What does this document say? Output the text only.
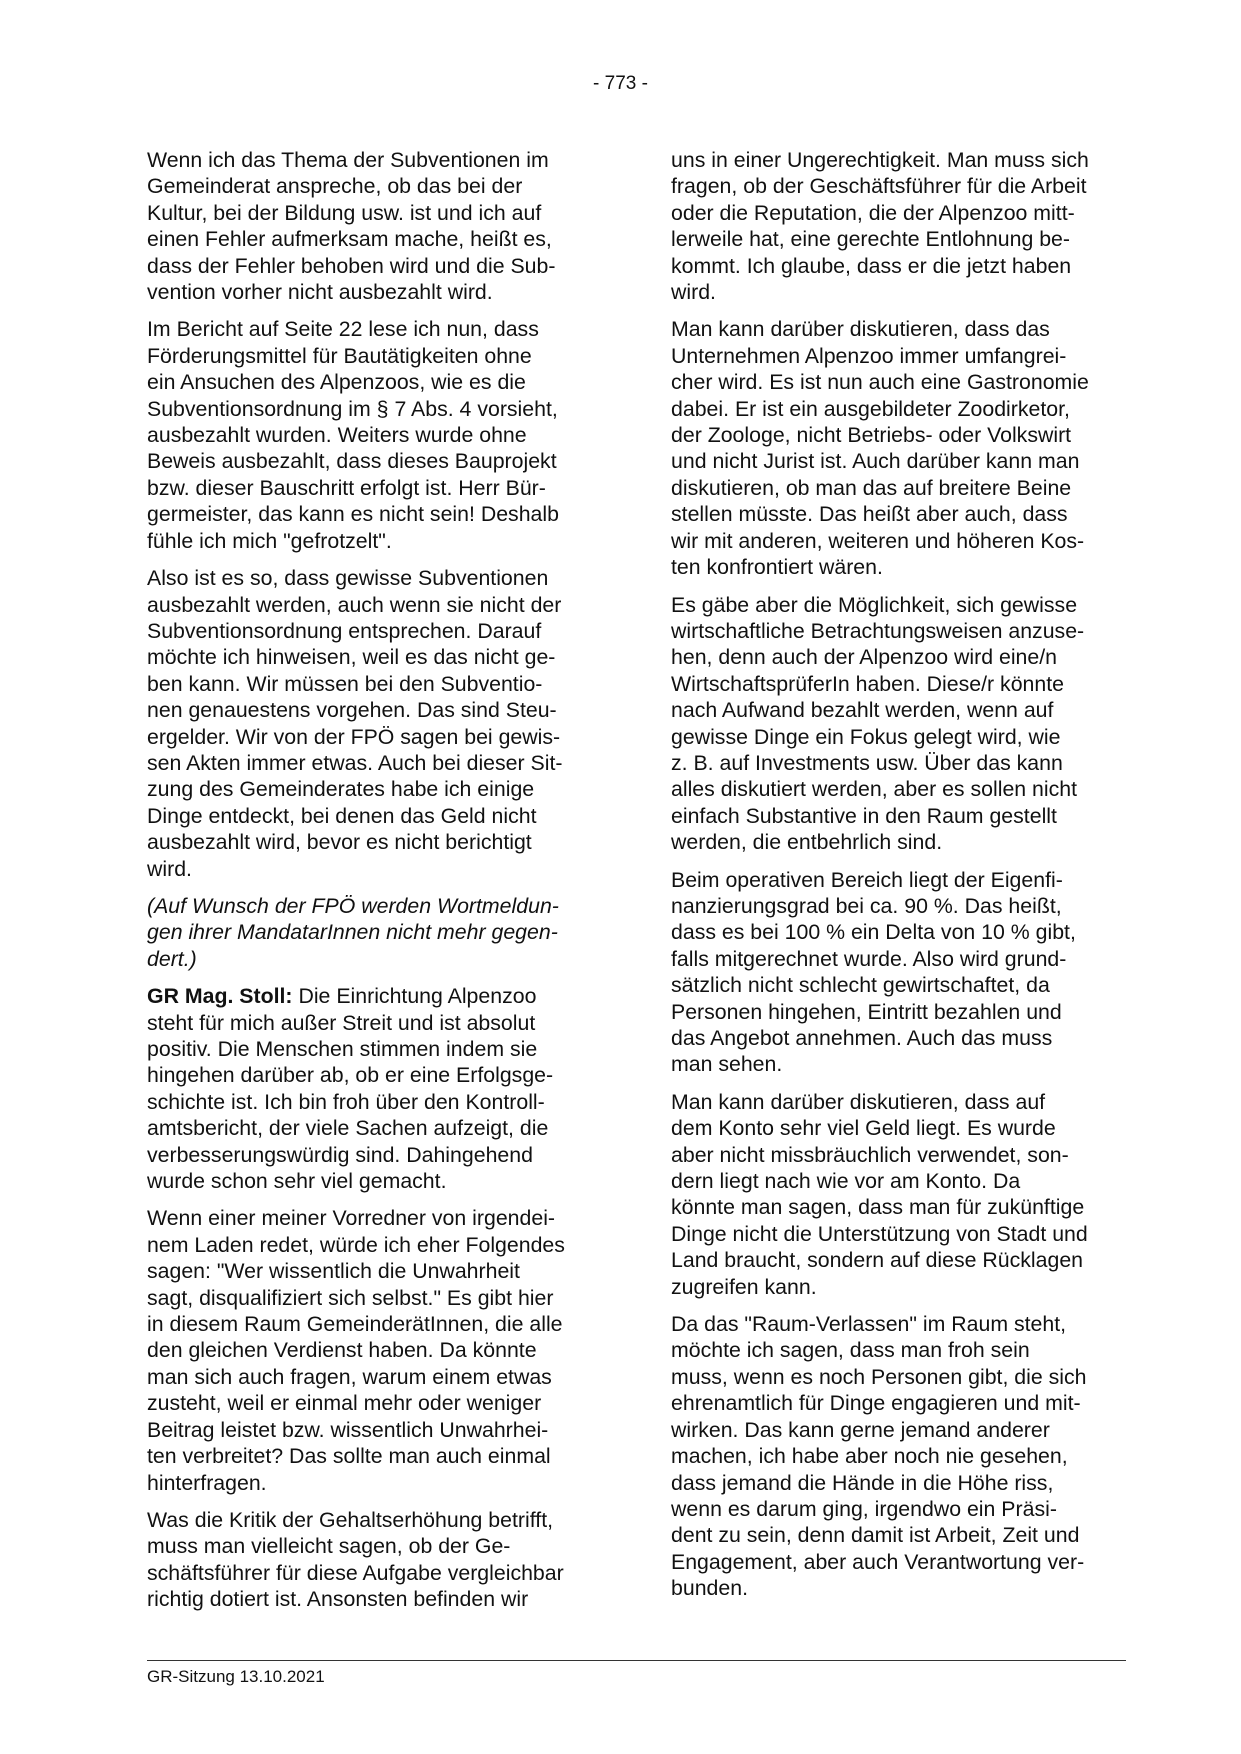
- 773 -

Wenn ich das Thema der Subventionen im
Gemeinderat anspreche, ob das bei der
Kultur, bei der Bildung usw. ist und ich auf
einen Fehler aufmerksam mache, heißt es,
dass der Fehler behoben wird und die Sub-
vention vorher nicht ausbezahlt wird.

Im Bericht auf Seite 22 lese ich nun, dass
Förderungsmittel für Bautätigkeiten ohne
ein Ansuchen des Alpenzoos, wie es die
Subventionsordnung im § 7 Abs. 4 vorsieht,
ausbezahlt wurden. Weiters wurde ohne
Beweis ausbezahlt, dass dieses Bauprojekt
bzw. dieser Bauschritt erfolgt ist. Herr Bür-
germeister, das kann es nicht sein! Deshalb
fühle ich mich "gefrotzelt".

Also ist es so, dass gewisse Subventionen
ausbezahlt werden, auch wenn sie nicht der
Subventionsordnung entsprechen. Darauf
möchte ich hinweisen, weil es das nicht ge-
ben kann. Wir müssen bei den Subventio-
nen genauestens vorgehen. Das sind Steu-
ergelder. Wir von der FPÖ sagen bei gewis-
sen Akten immer etwas. Auch bei dieser Sit-
zung des Gemeinderates habe ich einige
Dinge entdeckt, bei denen das Geld nicht
ausbezahlt wird, bevor es nicht berichtigt
wird.

(Auf Wunsch der FPÖ werden Wortmeldun-
gen ihrer MandatarInnen nicht mehr gegen-
dert.)

GR Mag. Stoll: Die Einrichtung Alpenzoo
steht für mich außer Streit und ist absolut
positiv. Die Menschen stimmen indem sie
hingehen darüber ab, ob er eine Erfolgsge-
schichte ist. Ich bin froh über den Kontroll-
amtsbericht, der viele Sachen aufzeigt, die
verbesserungswürdig sind. Dahingehend
wurde schon sehr viel gemacht.

Wenn einer meiner Vorredner von irgendei-
nem Laden redet, würde ich eher Folgendes
sagen: "Wer wissentlich die Unwahrheit
sagt, disqualifiziert sich selbst." Es gibt hier
in diesem Raum GemeinderätInnen, die alle
den gleichen Verdienst haben. Da könnte
man sich auch fragen, warum einem etwas
zusteht, weil er einmal mehr oder weniger
Beitrag leistet bzw. wissentlich Unwahrhei-
ten verbreitet? Das sollte man auch einmal
hinterfragen.

Was die Kritik der Gehaltserhöhung betrifft,
muss man vielleicht sagen, ob der Ge-
schäftsführer für diese Aufgabe vergleichbar
richtig dotiert ist. Ansonsten befinden wir

uns in einer Ungerechtigkeit. Man muss sich
fragen, ob der Geschäftsführer für die Arbeit
oder die Reputation, die der Alpenzoo mitt-
lerweile hat, eine gerechte Entlohnung be-
kommt. Ich glaube, dass er die jetzt haben
wird.

Man kann darüber diskutieren, dass das
Unternehmen Alpenzoo immer umfangrei-
cher wird. Es ist nun auch eine Gastronomie
dabei. Er ist ein ausgebildeter Zoodirketor,
der Zoologe, nicht Betriebs- oder Volkswirt
und nicht Jurist ist. Auch darüber kann man
diskutieren, ob man das auf breitere Beine
stellen müsste. Das heißt aber auch, dass
wir mit anderen, weiteren und höheren Kos-
ten konfrontiert wären.

Es gäbe aber die Möglichkeit, sich gewisse
wirtschaftliche Betrachtungsweisen anzuse-
hen, denn auch der Alpenzoo wird eine/n
WirtschaftsprüferIn haben. Diese/r könnte
nach Aufwand bezahlt werden, wenn auf
gewisse Dinge ein Fokus gelegt wird, wie
z. B. auf Investments usw. Über das kann
alles diskutiert werden, aber es sollen nicht
einfach Substantive in den Raum gestellt
werden, die entbehrlich sind.

Beim operativen Bereich liegt der Eigenfi-
nanzierungsgrad bei ca. 90 %. Das heißt,
dass es bei 100 % ein Delta von 10 % gibt,
falls mitgerechnet wurde. Also wird grund-
sätzlich nicht schlecht gewirtschaftet, da
Personen hingehen, Eintritt bezahlen und
das Angebot annehmen. Auch das muss
man sehen.

Man kann darüber diskutieren, dass auf
dem Konto sehr viel Geld liegt. Es wurde
aber nicht missbräuchlich verwendet, son-
dern liegt nach wie vor am Konto. Da
könnte man sagen, dass man für zukünftige
Dinge nicht die Unterstützung von Stadt und
Land braucht, sondern auf diese Rücklagen
zugreifen kann.

Da das "Raum-Verlassen" im Raum steht,
möchte ich sagen, dass man froh sein
muss, wenn es noch Personen gibt, die sich
ehrenamtlich für Dinge engagieren und mit-
wirken. Das kann gerne jemand anderer
machen, ich habe aber noch nie gesehen,
dass jemand die Hände in die Höhe riss,
wenn es darum ging, irgendwo ein Präsi-
dent zu sein, denn damit ist Arbeit, Zeit und
Engagement, aber auch Verantwortung ver-
bunden.

GR-Sitzung 13.10.2021
